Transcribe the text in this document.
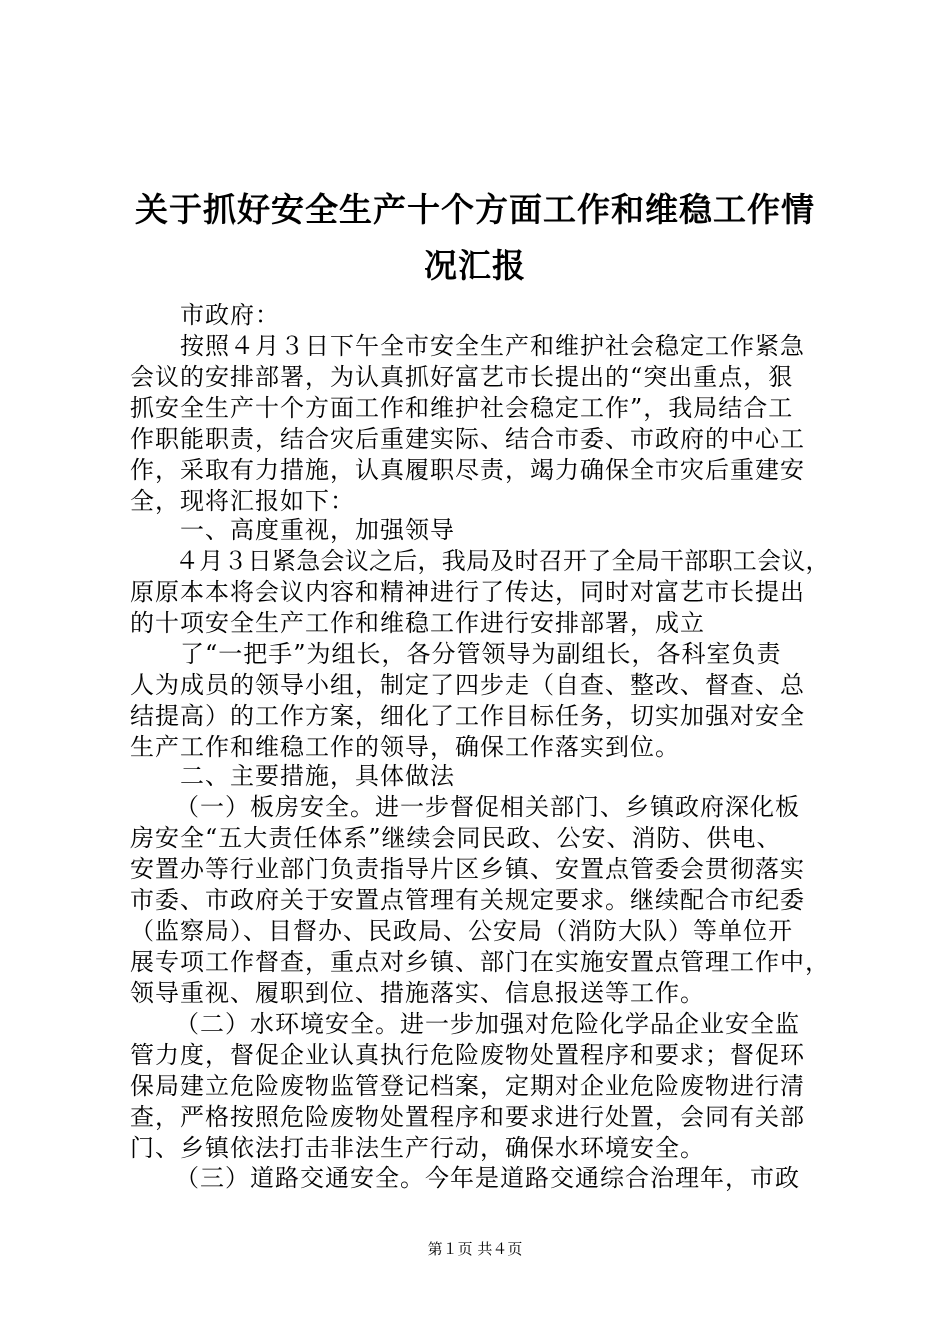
关于抓好安全生产十个方面工作和维稳工作情
况汇报
市政府：
按照４月３日下午全市安全生产和维护社会稳定工作紧急
会议的安排部署，为认真抓好富艺市长提出的“突出重点，狠
抓安全生产十个方面工作和维护社会稳定工作”，我局结合工
作职能职责，结合灾后重建实际、结合市委、市政府的中心工
作，采取有力措施，认真履职尽责，竭力确保全市灾后重建安
全，现将汇报如下：
一、高度重视，加强领导
４月３日紧急会议之后，我局及时召开了全局干部职工会议，
原原本本将会议内容和精神进行了传达，同时对富艺市长提出
的十项安全生产工作和维稳工作进行安排部署，成立
了“一把手”为组长，各分管领导为副组长，各科室负责
人为成员的领导小组，制定了四步走（自查、整改、督查、总
结提高）的工作方案，细化了工作目标任务，切实加强对安全
生产工作和维稳工作的领导，确保工作落实到位。
二、主要措施，具体做法
（一）板房安全。进一步督促相关部门、乡镇政府深化板
房安全“五大责任体系”继续会同民政、公安、消防、供电、
安置办等行业部门负责指导片区乡镇、安置点管委会贯彻落实
市委、市政府关于安置点管理有关规定要求。继续配合市纪委
（监察局）、目督办、民政局、公安局（消防大队）等单位开
展专项工作督查，重点对乡镇、部门在实施安置点管理工作中，
领导重视、履职到位、措施落实、信息报送等工作。
（二）水环境安全。进一步加强对危险化学品企业安全监
管力度，督促企业认真执行危险废物处置程序和要求；督促环
保局建立危险废物监管登记档案，定期对企业危险废物进行清
查，严格按照危险废物处置程序和要求进行处置，会同有关部
门、乡镇依法打击非法生产行动，确保水环境安全。
（三）道路交通安全。今年是道路交通综合治理年，市政
第１页 共４页
